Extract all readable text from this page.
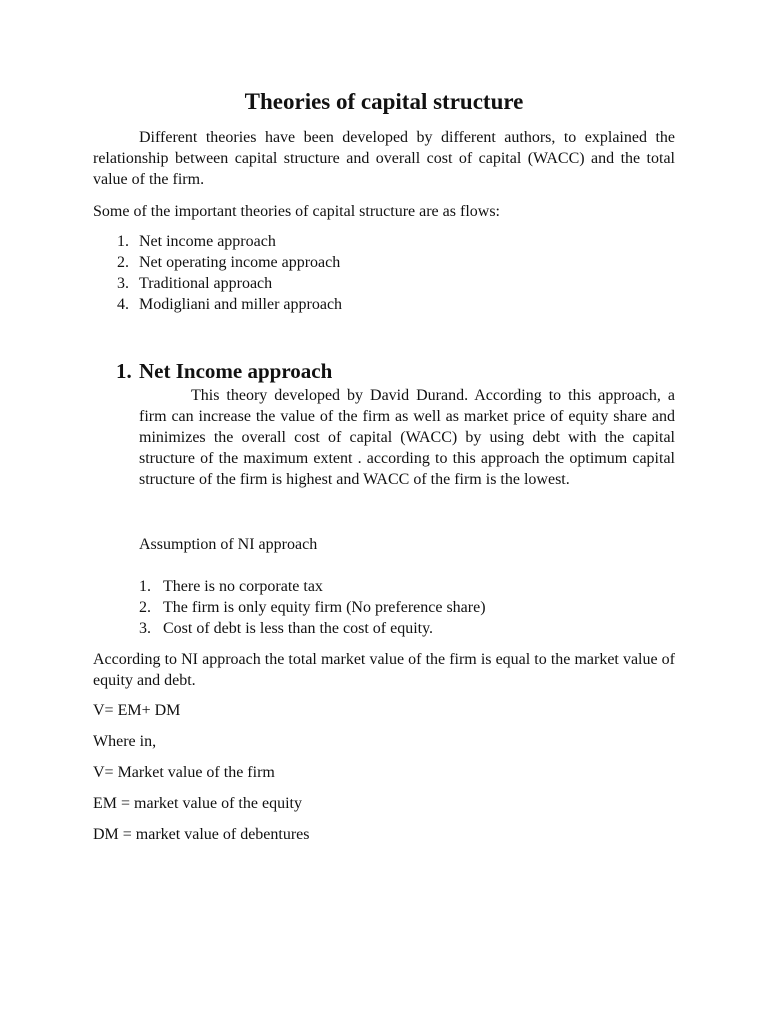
Theories of capital structure

Different theories have been developed by different authors, to explained the relationship between capital structure and overall cost of capital (WACC) and the total value of the firm.

Some of the important theories of capital structure are as flows:

1. Net income approach
2. Net operating income approach
3. Traditional approach
4. Modigliani and miller approach
1. Net Income approach

This theory developed by David Durand. According to this approach, a firm can increase the value of the firm as well as market price of equity share and minimizes the overall cost of capital (WACC) by using debt with the capital structure of the maximum extent . according to this approach the optimum capital structure of the firm is highest and WACC of the firm is the lowest.

Assumption of NI approach

1. There is no corporate tax
2. The firm is only equity firm (No preference share)
3. Cost of debt is less than the cost of equity.

According to NI approach the total market value of the firm is equal to the market value of equity and debt.

V= EM+ DM

Where in,

V= Market value of the firm

EM = market value of the equity

DM = market value of debentures
